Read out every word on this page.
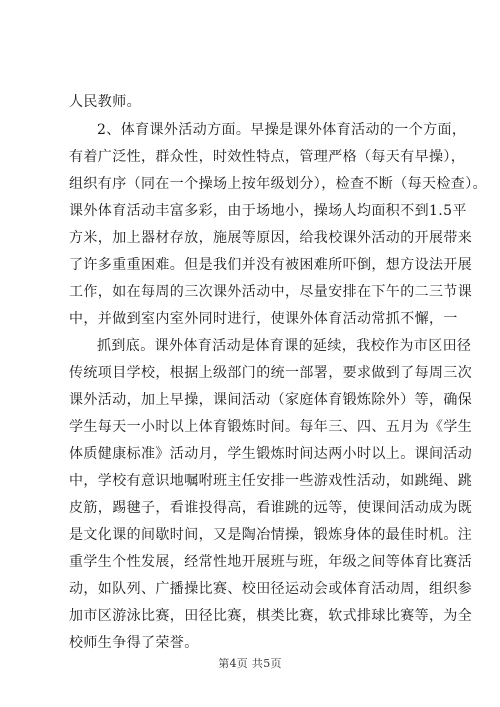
人民教师。
2、体育课外活动方面。早操是课外体育活动的一个方面，
有着广泛性，群众性，时效性特点，管理严格（每天有早操），
组织有序（同在一个操场上按年级划分），检查不断（每天检查）。
课外体育活动丰富多彩，由于场地小，操场人均面积不到1.5平
方米，加上器材存放，施展等原因，给我校课外活动的开展带来
了许多重重困难。但是我们并没有被困难所吓倒，想方设法开展
工作，如在每周的三次课外活动中，尽量安排在下午的二三节课
中，并做到室内室外同时进行，使课外体育活动常抓不懈，一
抓到底。课外体育活动是体育课的延续，我校作为市区田径
传统项目学校，根据上级部门的统一部署，要求做到了每周三次
课外活动，加上早操，课间活动（家庭体育锻炼除外）等，确保
学生每天一小时以上体育锻炼时间。每年三、四、五月为《学生
体质健康标准》活动月，学生锻炼时间达两小时以上。课间活动
中，学校有意识地嘱咐班主任安排一些游戏性活动，如跳绳、跳
皮筋，踢毽子，看谁投得高，看谁跳的远等，使课间活动成为既
是文化课的间歇时间，又是陶冶情操，锻炼身体的最佳时机。注
重学生个性发展，经常性地开展班与班，年级之间等体育比赛活
动，如队列、广播操比赛、校田径运动会或体育活动周，组织参
加市区游泳比赛，田径比赛，棋类比赛，软式排球比赛等，为全
校师生争得了荣誉。
第4页 共5页
